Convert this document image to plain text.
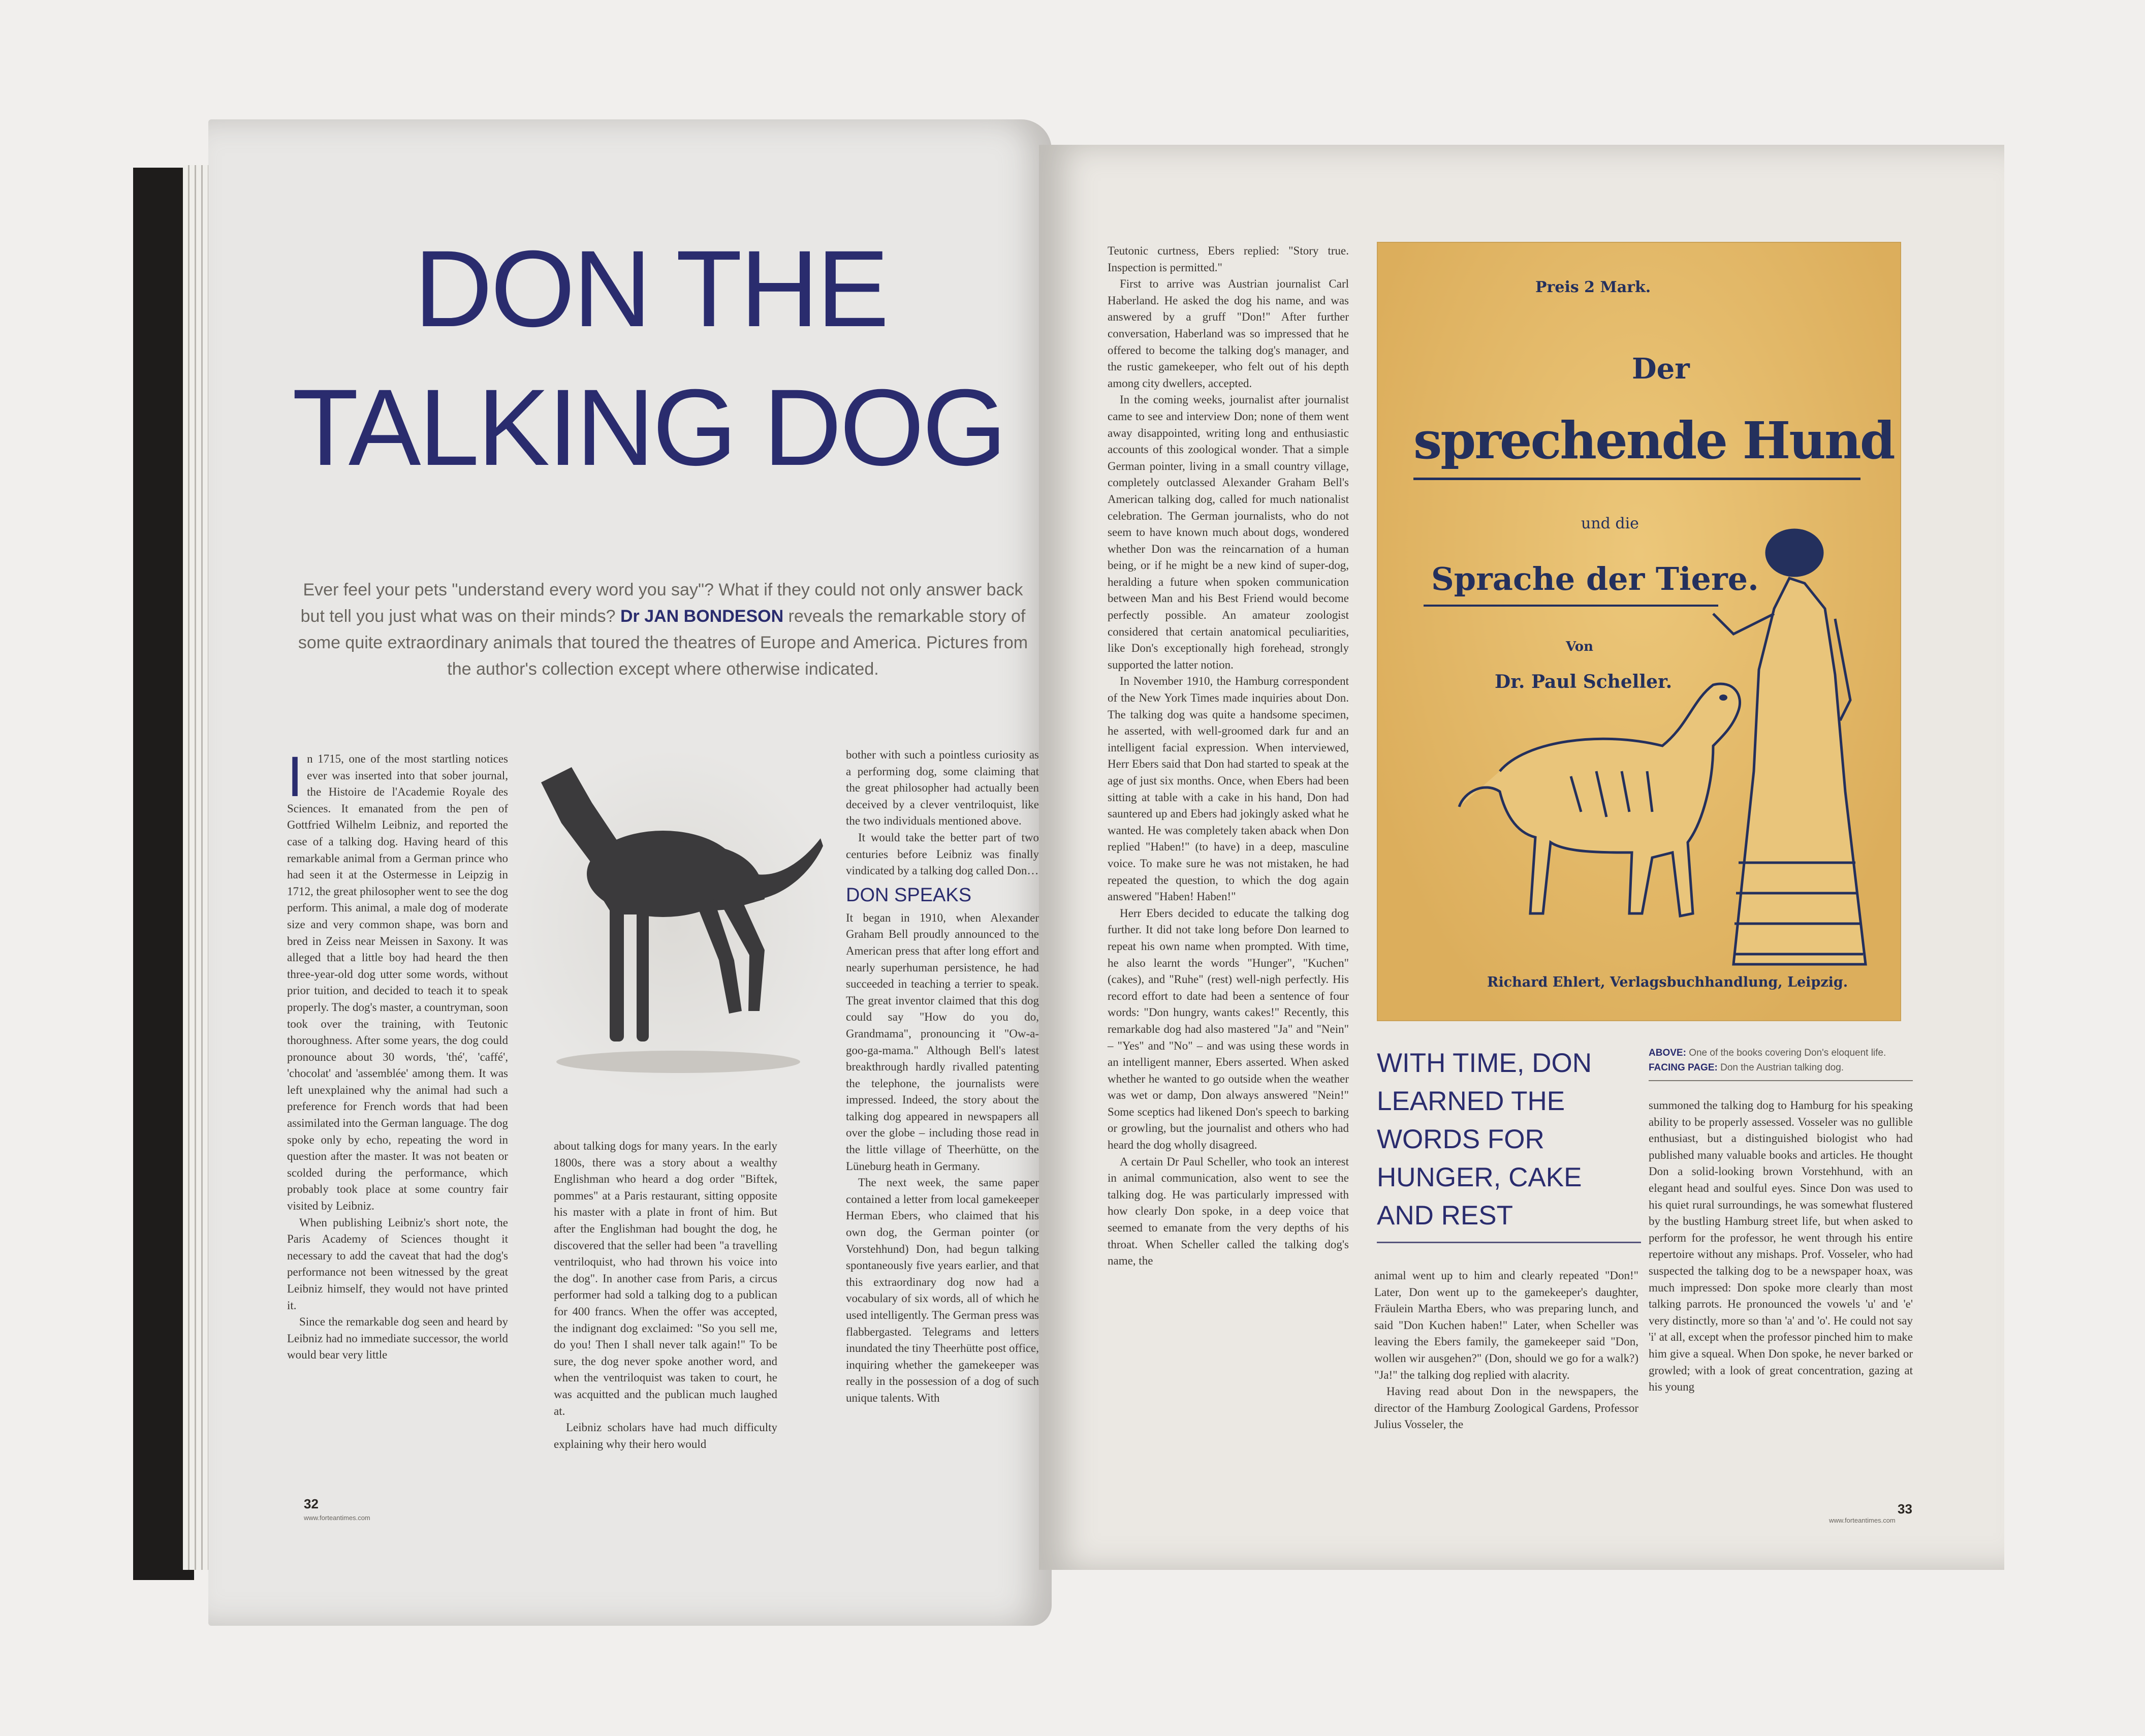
DON THE
TALKING DOG
Ever feel your pets "understand every word you say"? What if they could not only answer back but tell you just what was on their minds? Dr JAN BONDESON reveals the remarkable story of some quite extraordinary animals that toured the theatres of Europe and America. Pictures from the author's collection except where otherwise indicated.

In 1715, one of the most startling notices ever was inserted into that sober journal, the Histoire de l'Academie Royale des Sciences. It emanated from the pen of Gottfried Wilhelm Leibniz, and reported the case of a talking dog. Having heard of this remarkable animal from a German prince who had seen it at the Ostermesse in Leipzig in 1712, the great philosopher went to see the dog perform. This animal, a male dog of moderate size and very common shape, was born and bred in Zeiss near Meissen in Saxony. It was alleged that a little boy had heard the then three-year-old dog utter some words, without prior tuition, and decided to teach it to speak properly. The dog's master, a countryman, soon took over the training, with Teutonic thoroughness. After some years, the dog could pronounce about 30 words, 'thé', 'caffé', 'chocolat' and 'assemblée' among them. It was left unexplained why the animal had such a preference for French words that had been assimilated into the German language. The dog spoke only by echo, repeating the word in question after the master. It was not beaten or scolded during the performance, which probably took place at some country fair visited by Leibniz.

When publishing Leibniz's short note, the Paris Academy of Sciences thought it necessary to add the caveat that had the dog's performance not been witnessed by the great Leibniz himself, they would not have printed it.

Since the remarkable dog seen and heard by Leibniz had no immediate successor, the world would bear very little

about talking dogs for many years. In the early 1800s, there was a story about a wealthy Englishman who heard a dog order "Biftek, pommes" at a Paris restaurant, sitting opposite his master with a plate in front of him. But after the Englishman had bought the dog, he discovered that the seller had been "a travelling ventriloquist, who had thrown his voice into the dog". In another case from Paris, a circus performer had sold a talking dog to a publican for 400 francs. When the offer was accepted, the indignant dog exclaimed: "So you sell me, do you! Then I shall never talk again!" To be sure, the dog never spoke another word, and when the ventriloquist was taken to court, he was acquitted and the publican much laughed at.

Leibniz scholars have had much difficulty explaining why their hero would

bother with such a pointless curiosity as a performing dog, some claiming that the great philosopher had actually been deceived by a clever ventriloquist, like the two individuals mentioned above.

It would take the better part of two centuries before Leibniz was finally vindicated by a talking dog called Don…

DON SPEAKS

It began in 1910, when Alexander Graham Bell proudly announced to the American press that after long effort and nearly superhuman persistence, he had succeeded in teaching a terrier to speak. The great inventor claimed that this dog could say "How do you do, Grandmama", pronouncing it "Ow-a-goo-ga-mama." Although Bell's latest breakthrough hardly rivalled patenting the telephone, the journalists were impressed. Indeed, the story about the talking dog appeared in newspapers all over the globe – including those read in the little village of Theerhütte, on the Lüneburg heath in Germany.

The next week, the same paper contained a letter from local gamekeeper Herman Ebers, who claimed that his own dog, the German pointer (or Vorstehhund) Don, had begun talking spontaneously five years earlier, and that this extraordinary dog now had a vocabulary of six words, all of which he used intelligently. The German press was flabbergasted. Telegrams and letters inundated the tiny Theerhütte post office, inquiring whether the gamekeeper was really in the possession of a dog of such unique talents. With

32
www.forteantimes.com

Teutonic curtness, Ebers replied: "Story true. Inspection is permitted."

First to arrive was Austrian journalist Carl Haberland. He asked the dog his name, and was answered by a gruff "Don!" After further conversation, Haberland was so impressed that he offered to become the talking dog's manager, and the rustic gamekeeper, who felt out of his depth among city dwellers, accepted.

In the coming weeks, journalist after journalist came to see and interview Don; none of them went away disappointed, writing long and enthusiastic accounts of this zoological wonder. That a simple German pointer, living in a small country village, completely outclassed Alexander Graham Bell's American talking dog, called for much nationalist celebration. The German journalists, who do not seem to have known much about dogs, wondered whether Don was the reincarnation of a human being, or if he might be a new kind of super-dog, heralding a future when spoken communication between Man and his Best Friend would become perfectly possible. An amateur zoologist considered that certain anatomical peculiarities, like Don's exceptionally high forehead, strongly supported the latter notion.

In November 1910, the Hamburg correspondent of the New York Times made inquiries about Don. The talking dog was quite a handsome specimen, he asserted, with well-groomed dark fur and an intelligent facial expression. When interviewed, Herr Ebers said that Don had started to speak at the age of just six months. Once, when Ebers had been sitting at table with a cake in his hand, Don had sauntered up and Ebers had jokingly asked what he wanted. He was completely taken aback when Don replied "Haben!" (to have) in a deep, masculine voice. To make sure he was not mistaken, he had repeated the question, to which the dog again answered "Haben! Haben!"

Herr Ebers decided to educate the talking dog further. It did not take long before Don learned to repeat his own name when prompted. With time, he also learnt the words "Hunger", "Kuchen" (cakes), and "Ruhe" (rest) well-nigh perfectly. His record effort to date had been a sentence of four words: "Don hungry, wants cakes!" Recently, this remarkable dog had also mastered "Ja" and "Nein" – "Yes" and "No" – and was using these words in an intelligent manner, Ebers asserted. When asked whether he wanted to go outside when the weather was wet or damp, Don always answered "Nein!" Some sceptics had likened Don's speech to barking or growling, but the journalist and others who had heard the dog wholly disagreed.

A certain Dr Paul Scheller, who took an interest in animal communication, also went to see the talking dog. He was particularly impressed with how clearly Don spoke, in a deep voice that seemed to emanate from the very depths of his throat. When Scheller called the talking dog's name, the

Preis 2 Mark.
Der
sprechende Hund
und die
Sprache der Tiere.
Von
Dr. Paul Scheller.
Richard Ehlert, Verlagsbuchhandlung, Leipzig.
WITH TIME, DON LEARNED THE WORDS FOR HUNGER, CAKE AND REST
ABOVE: One of the books covering Don's eloquent life. FACING PAGE: Don the Austrian talking dog.

animal went up to him and clearly repeated "Don!" Later, Don went up to the gamekeeper's daughter, Fräulein Martha Ebers, who was preparing lunch, and said "Don Kuchen haben!" Later, when Scheller was leaving the Ebers family, the gamekeeper said "Don, wollen wir ausgehen?" (Don, should we go for a walk?) "Ja!" the talking dog replied with alacrity.

Having read about Don in the newspapers, the director of the Hamburg Zoological Gardens, Professor Julius Vosseler, the

summoned the talking dog to Hamburg for his speaking ability to be properly assessed. Vosseler was no gullible enthusiast, but a distinguished biologist who had published many valuable books and articles. He thought Don a solid-looking brown Vorstehhund, with an elegant head and soulful eyes. Since Don was used to his quiet rural surroundings, he was somewhat flustered by the bustling Hamburg street life, but when asked to perform for the professor, he went through his entire repertoire without any mishaps. Prof. Vosseler, who had suspected the talking dog to be a newspaper hoax, was much impressed: Don spoke more clearly than most talking parrots. He pronounced the vowels 'u' and 'e' very distinctly, more so than 'a' and 'o'. He could not say 'i' at all, except when the professor pinched him to make him give a squeal. When Don spoke, he never barked or growled; with a look of great concentration, gazing at his young

www.forteantimes.com
33
